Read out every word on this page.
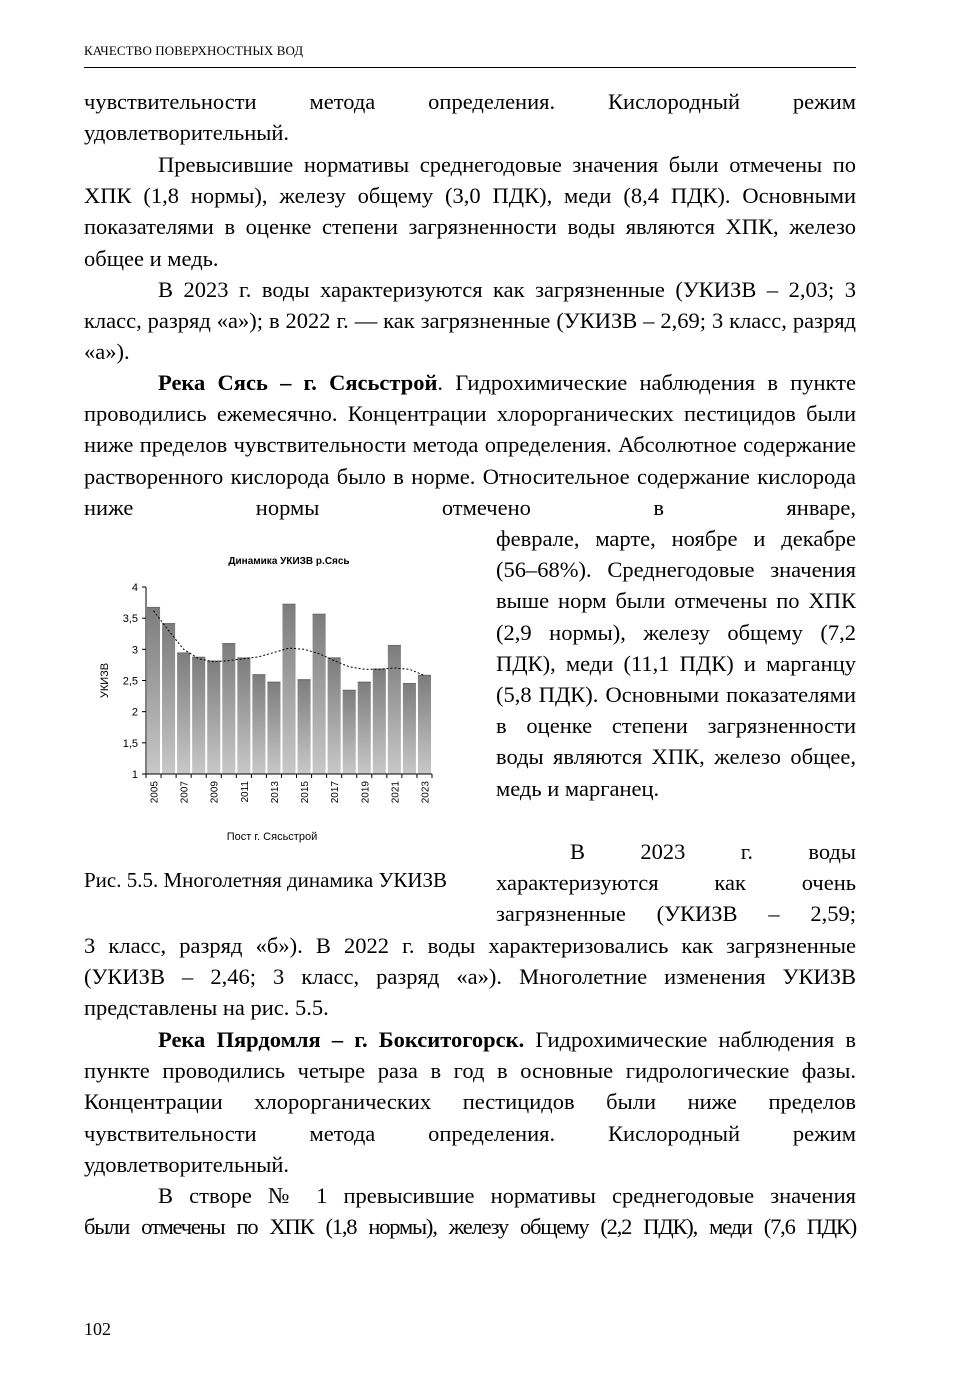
КАЧЕСТВО ПОВЕРХНОСТНЫХ ВОД

чувствительности метода определения. Кислородный режим удовлетворительный.

Превысившие нормативы среднегодовые значения были отмечены по ХПК (1,8 нормы), железу общему (3,0 ПДК), меди (8,4 ПДК). Основными показателями в оценке степени загрязненности воды являются ХПК, железо общее и медь.

В 2023 г. воды характеризуются как загрязненные (УКИЗВ – 2,03; 3 класс, разряд «а»); в 2022 г. — как загрязненные (УКИЗВ – 2,69; 3 класс, разряд «а»).

Река Сясь – г. Сясьстрой. Гидрохимические наблюдения в пункте проводились ежемесячно. Концентрации хлорорганических пестицидов были ниже пределов чувствительности метода определения. Абсолютное содержание растворенного кислорода было в норме. Относительное содержание кислорода ниже нормы отмечено в январе,

феврале, марте, ноябре и декабре (56–68%). Среднегодовые значения выше норм были отмечены по ХПК (2,9 нормы), железу общему (7,2 ПДК), меди (11,1 ПДК) и марганцу (5,8 ПДК). Основными показателями в оценке степени загрязненности воды являются ХПК, железо общее, медь и марганец.

В 2023 г. воды характеризуются как очень загрязненные (УКИЗВ – 2,59;

3 класс, разряд «б»). В 2022 г. воды характеризовались как загрязненные (УКИЗВ – 2,46; 3 класс, разряд «а»). Многолетние изменения УКИЗВ представлены на рис. 5.5.

Река Пярдомля – г. Бокситогорск. Гидрохимические наблюдения в пункте проводились четыре раза в год в основные гидрологические фазы. Концентрации хлорорганических пестицидов были ниже пределов чувствительности метода определения. Кислородный режим удовлетворительный.

В створе № 1 превысившие нормативы среднегодовые значения

были отмечены по ХПК (1,8 нормы), железу общему (2,2 ПДК), меди (7,6 ПДК)

Динамика УКИЗВ р.Сясь
1
1,5
2
2,5
3
3,5
4
2005 2007 2009 2011 2013 2015 2017 2019 2021 2023
УКИЗВ
Пост г. Сясьстрой
Рис. 5.5. Многолетняя динамика УКИЗВ
102
